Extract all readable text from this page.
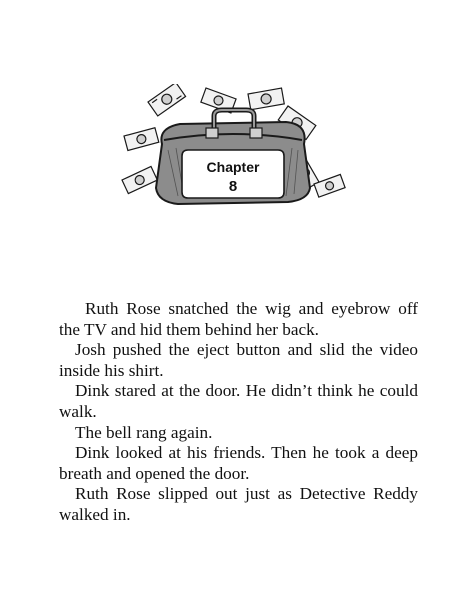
Chapter
8

Ruth Rose snatched the wig and eyebrow off the TV and hid them behind her back.

Josh pushed the eject button and slid the video inside his shirt.

Dink stared at the door. He didn’t think he could walk.

The bell rang again.

Dink looked at his friends. Then he took a deep breath and opened the door.

Ruth Rose slipped out just as Detective Reddy walked in.
